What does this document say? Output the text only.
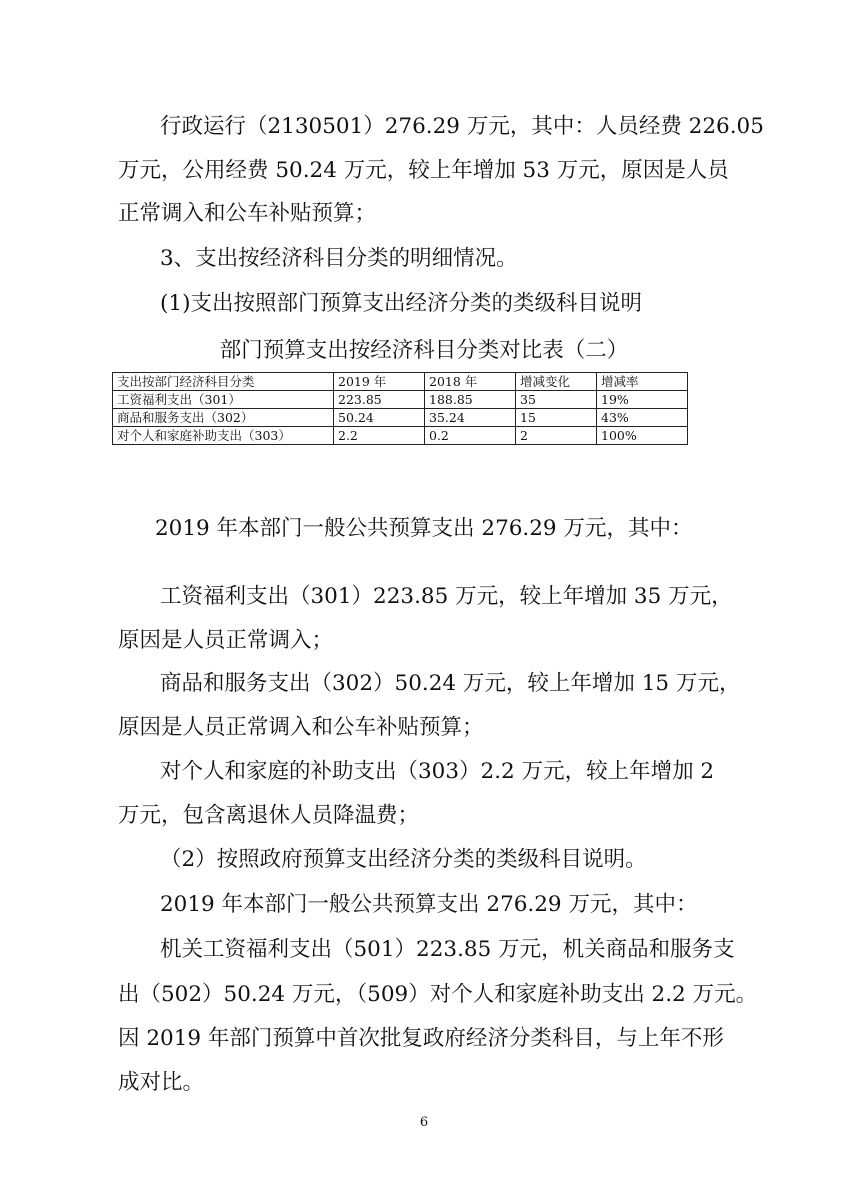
行政运行（2130501）276.29 万元，其中：人员经费 226.05

万元，公用经费 50.24 万元，较上年增加 53 万元，原因是人员

正常调入和公车补贴预算；

3、支出按经济科目分类的明细情况。

(1)支出按照部门预算支出经济分类的类级科目说明

部门预算支出按经济科目分类对比表（二）
支出按部门经济科目分类	2019 年	2018 年	增减变化	增减率
工资福利支出（301）	223.85	188.85	35	19%
商品和服务支出（302）	50.24	35.24	15	43%
对个人和家庭补助支出（303）	2.2	0.2	2	100%

2019 年本部门一般公共预算支出 276.29 万元，其中：

工资福利支出（301）223.85 万元，较上年增加 35 万元，

原因是人员正常调入；

商品和服务支出（302）50.24 万元，较上年增加 15 万元，

原因是人员正常调入和公车补贴预算；

对个人和家庭的补助支出（303）2.2 万元，较上年增加 2

万元，包含离退休人员降温费；

（2）按照政府预算支出经济分类的类级科目说明。

2019 年本部门一般公共预算支出 276.29 万元，其中：

机关工资福利支出（501）223.85 万元，机关商品和服务支

出（502）50.24 万元，（509）对个人和家庭补助支出 2.2 万元。

因 2019 年部门预算中首次批复政府经济分类科目，与上年不形

成对比。

6
